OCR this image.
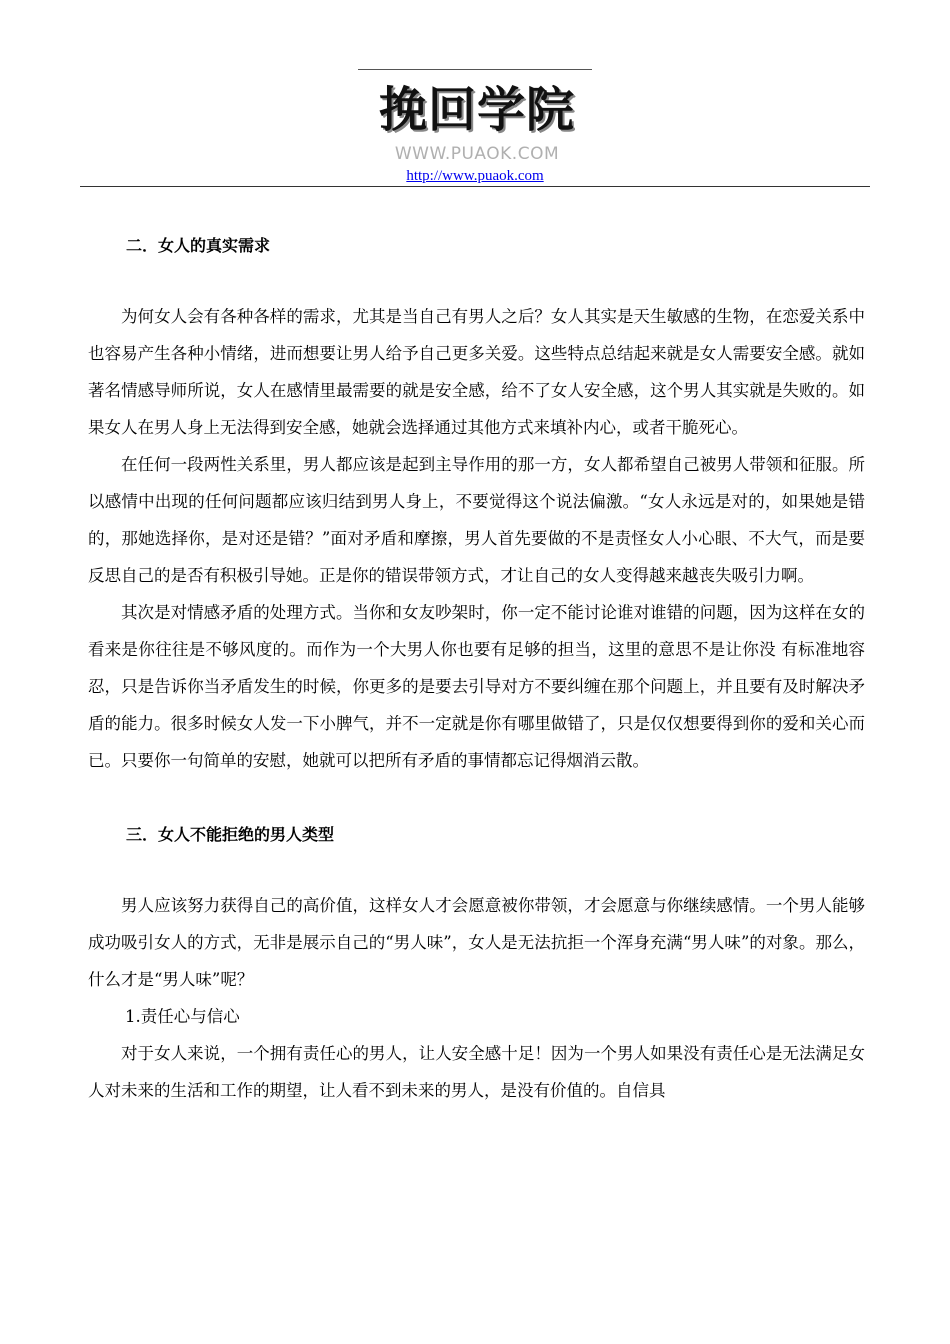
挽回学院
WWW.PUAOK.COM
http://www.puaok.com

二．女人的真实需求

为何女人会有各种各样的需求，尤其是当自己有男人之后？女人其实是天生敏感的生物，在恋爱关系中也容易产生各种小情绪，进而想要让男人给予自己更多关爱。这些特点总结起来就是女人需要安全感。就如著名情感导师所说，女人在感情里最需要的就是安全感，给不了女人安全感，这个男人其实就是失败的。如果女人在男人身上无法得到安全感，她就会选择通过其他方式来填补内心，或者干脆死心。

在任何一段两性关系里，男人都应该是起到主导作用的那一方，女人都希望自己被男人带领和征服。所以感情中出现的任何问题都应该归结到男人身上，不要觉得这个说法偏激。“女人永远是对的，如果她是错的，那她选择你，是对还是错？”面对矛盾和摩擦，男人首先要做的不是责怪女人小心眼、不大气，而是要反思自己的是否有积极引导她。正是你的错误带领方式，才让自己的女人变得越来越丧失吸引力啊。

其次是对情感矛盾的处理方式。当你和女友吵架时，你一定不能讨论谁对谁错的问题，因为这样在女的看来是你往往是不够风度的。而作为一个大男人你也要有足够的担当，这里的意思不是让你没 有标准地容忍，只是告诉你当矛盾发生的时候，你更多的是要去引导对方不要纠缠在那个问题上，并且要有及时解决矛盾的能力。很多时候女人发一下小脾气，并不一定就是你有哪里做错了，只是仅仅想要得到你的爱和关心而已。只要你一句简单的安慰，她就可以把所有矛盾的事情都忘记得烟消云散。

三．女人不能拒绝的男人类型

男人应该努力获得自己的高价值，这样女人才会愿意被你带领，才会愿意与你继续感情。一个男人能够成功吸引女人的方式，无非是展示自己的“男人味”，女人是无法抗拒一个浑身充满“男人味”的对象。那么，什么才是“男人味”呢？

1.责任心与信心

对于女人来说，一个拥有责任心的男人，让人安全感十足！因为一个男人如果没有责任心是无法满足女人对未来的生活和工作的期望，让人看不到未来的男人，是没有价值的。自信具
